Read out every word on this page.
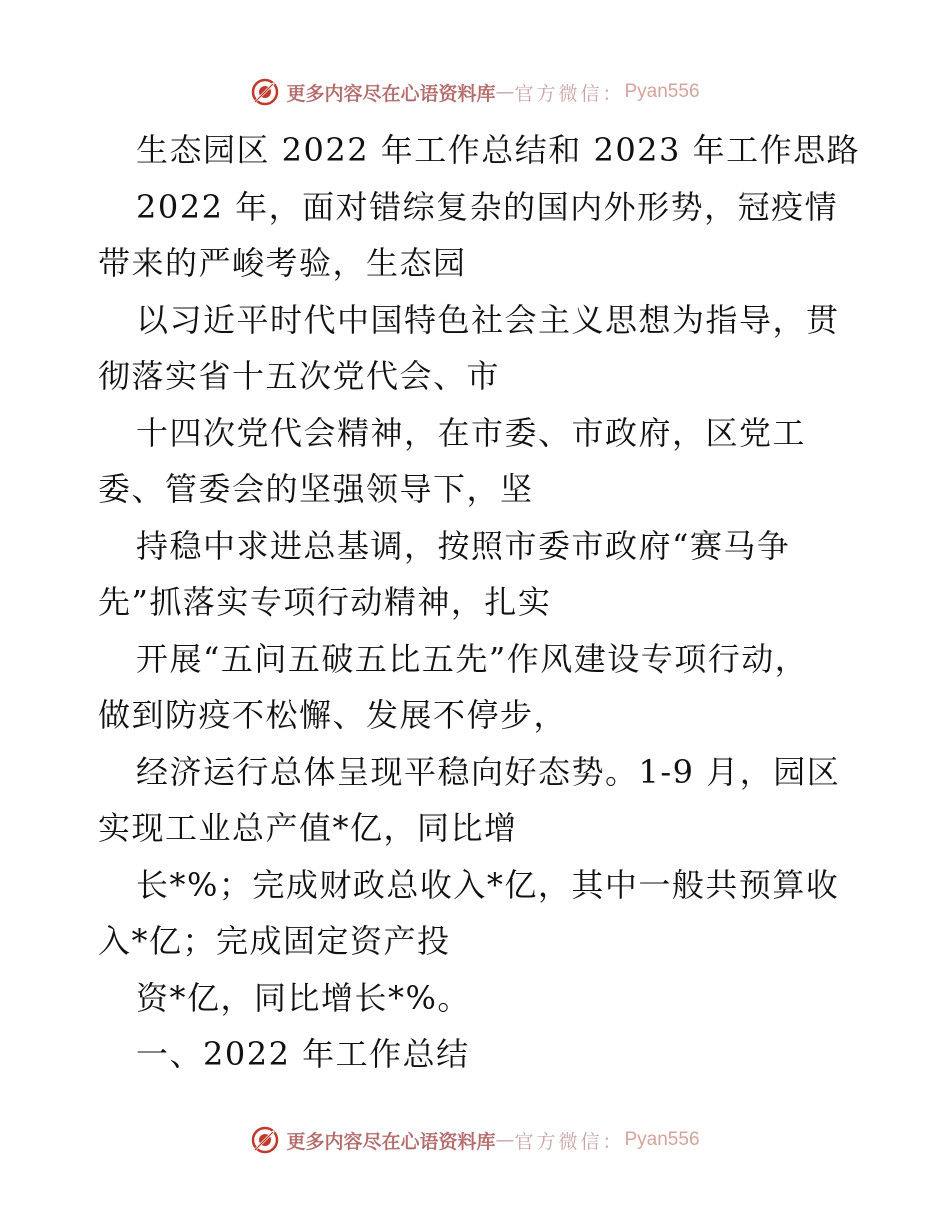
更多内容尽在心语资料库 — 官方微信： Pyan556
生态园区 2022 年工作总结和 2023 年工作思路
2022 年，面对错综复杂的国内外形势，冠疫情
带来的严峻考验，生态园
以习近平时代中国特色社会主义思想为指导，贯
彻落实省十五次党代会、市
十四次党代会精神，在市委、市政府，区党工
委、管委会的坚强领导下，坚
持稳中求进总基调，按照市委市政府“赛马争
先”抓落实专项行动精神，扎实
开展“五问五破五比五先”作风建设专项行动，
做到防疫不松懈、发展不停步，
经济运行总体呈现平稳向好态势。1-9 月，园区
实现工业总产值*亿，同比增
长*%；完成财政总收入*亿，其中一般共预算收
入*亿；完成固定资产投
资*亿，同比增长*%。
一、2022 年工作总结
更多内容尽在心语资料库 — 官方微信： Pyan556
